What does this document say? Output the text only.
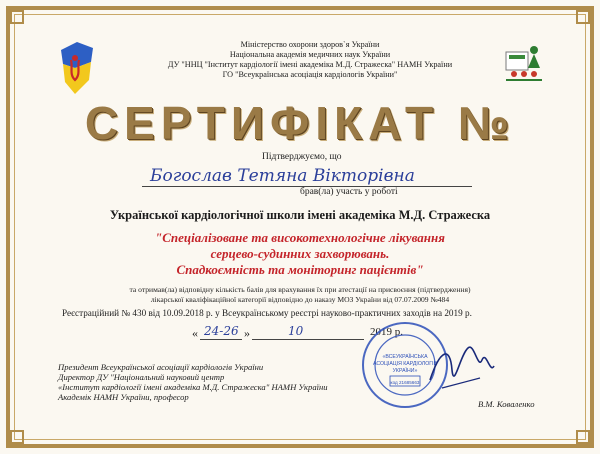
Міністерство охорони здоров`я України
Національна академія медичних наук України
ДУ "ННЦ "Інститут кардіології імені академіка М.Д. Стражеска" НАМН України
ГО "Всеукраїнська асоціація кардіологів України"
СЕРТИФІКАТ №
Підтверджуємо, що
Богослав Тетяна Вікторівна
брав(ла) участь у роботі
Української кардіологічної школи імені академіка М.Д. Стражеска
"Спеціалізоване та високотехнологічне лікування
серцево-судинних захворювань.
Спадкоємність та моніторинг пацієнтів"
та отримав(ла) відповідну кількість балів для врахування їх при атестації на присвоєння (підтвердження)
лікарської кваліфікаційної категорії відповідно до наказу МОЗ України від 07.07.2009 №484
Реєстраційний № 430 від 10.09.2018 р. у Всеукраїнському реєстрі науково-практичних заходів на 2019 р.
« 24-26 »	10	2019 р.
Президент Всеукраїнської асоціації кардіологів України
Директор ДУ "Національний науковий центр
«Інститут кардіології імені академіка М.Д. Стражеска" НАМН України
Академік НАМН України, професор
«ВСЕУКРАЇНСЬКА
АСОЦІАЦІЯ КАРДІОЛОГІВ
УКРАЇНИ»
код 21685663
В.М. Коваленко
